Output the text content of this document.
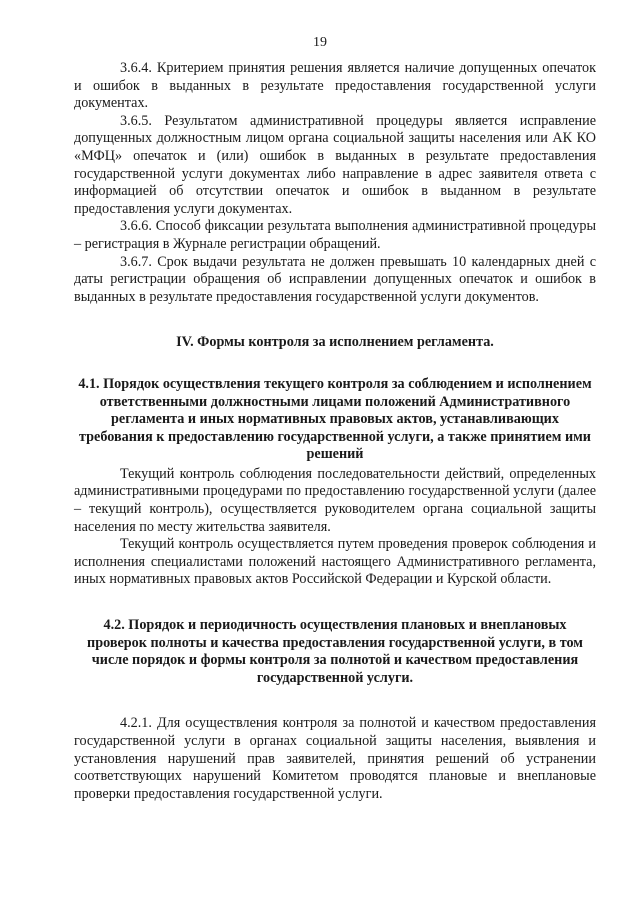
19

3.6.4. Критерием принятия решения является наличие допущенных опечаток и ошибок в выданных в результате предоставления государственной услуги документах.

3.6.5. Результатом административной процедуры является исправление допущенных должностным лицом органа социальной защиты населения или АК КО «МФЦ» опечаток и (или) ошибок в выданных в результате предоставления государственной услуги документах либо направление в адрес заявителя ответа с информацией об отсутствии опечаток и ошибок в выданном в результате предоставления услуги документах.

3.6.6. Способ фиксации результата выполнения административной процедуры – регистрация в Журнале регистрации обращений.

3.6.7. Срок выдачи результата не должен превышать 10 календарных дней с даты регистрации обращения об исправлении допущенных опечаток и ошибок в выданных в результате предоставления государственной услуги документов.

IV. Формы контроля за исполнением регламента.
4.1. Порядок осуществления текущего контроля за соблюдением и исполнением ответственными должностными лицами положений Административного регламента и иных нормативных правовых актов, устанавливающих требования к предоставлению государственной услуги, а также принятием ими решений

Текущий контроль соблюдения последовательности действий, определенных административными процедурами по предоставлению государственной услуги (далее – текущий контроль), осуществляется руководителем органа социальной защиты населения по месту жительства заявителя.

Текущий контроль осуществляется путем проведения проверок соблюдения и исполнения специалистами положений настоящего Административного регламента, иных нормативных правовых актов Российской Федерации и Курской области.

4.2. Порядок и периодичность осуществления плановых и внеплановых проверок полноты и качества предоставления государственной услуги, в том числе порядок и формы контроля за полнотой и качеством предоставления государственной услуги.

4.2.1. Для осуществления контроля за полнотой и качеством предоставления государственной услуги в органах социальной защиты населения, выявления и установления нарушений прав заявителей, принятия решений об устранении соответствующих нарушений Комитетом проводятся плановые и внеплановые проверки предоставления государственной услуги.
